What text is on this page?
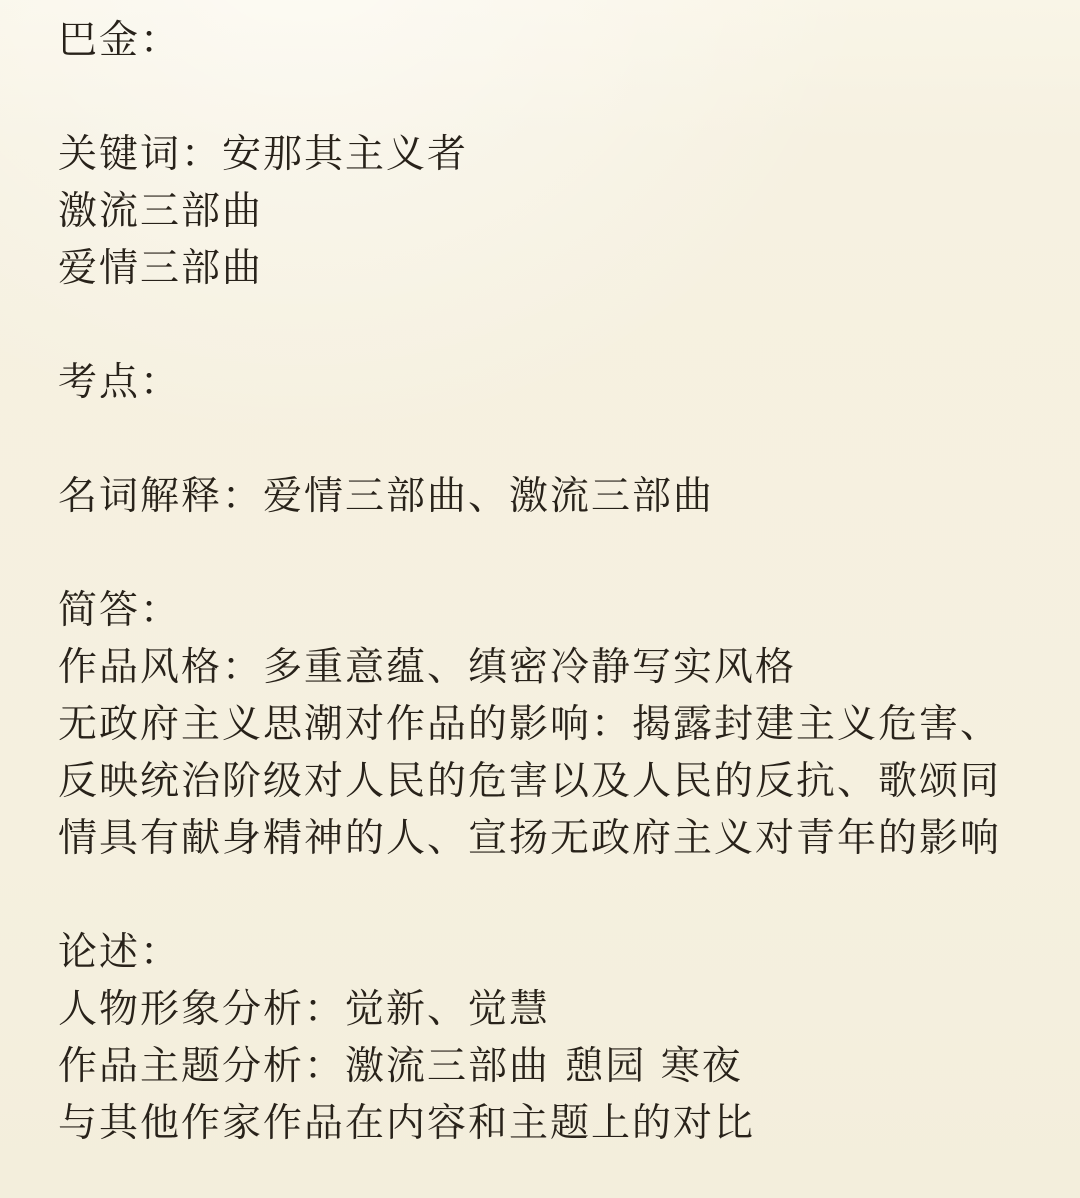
巴金：

关键词：安那其主义者

激流三部曲

爱情三部曲

考点：

名词解释：爱情三部曲、激流三部曲

简答：

作品风格：多重意蕴、缜密冷静写实风格

无政府主义思潮对作品的影响：揭露封建主义危害、

反映统治阶级对人民的危害以及人民的反抗、歌颂同

情具有献身精神的人、宣扬无政府主义对青年的影响

论述：

人物形象分析：觉新、觉慧

作品主题分析：激流三部曲 憩园 寒夜

与其他作家作品在内容和主题上的对比
